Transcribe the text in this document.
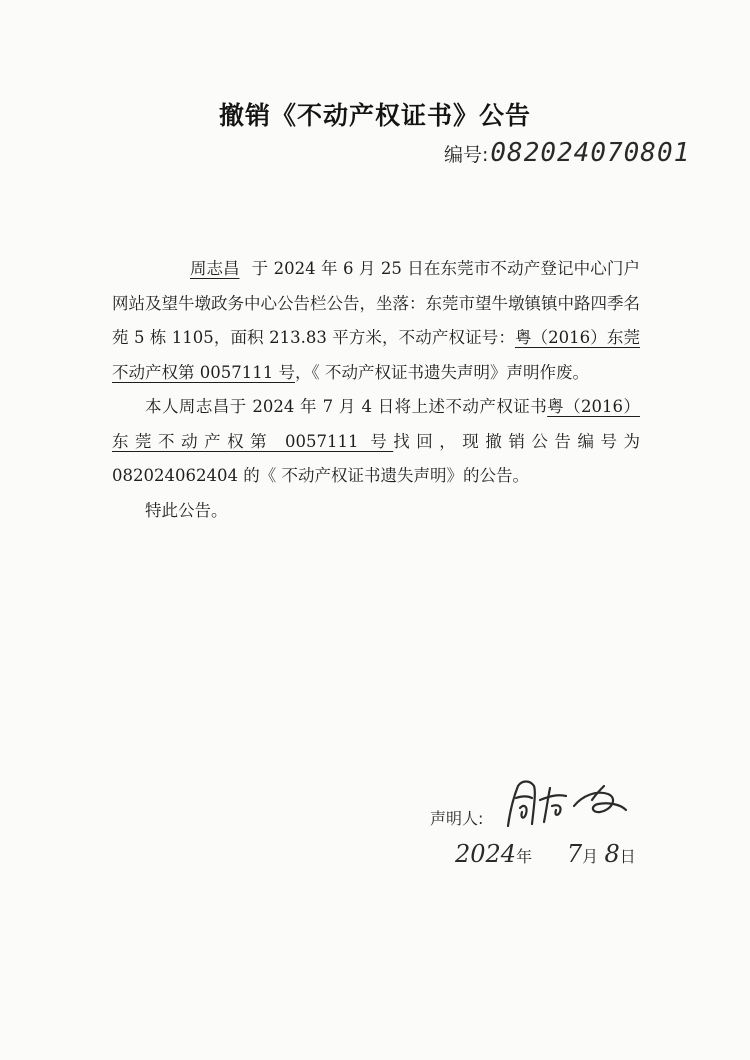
撤销《不动产权证书》公告
编号:082024070801

周志昌 于 2024 年 6 月 25 日在东莞市不动产登记中心门户网站及望牛墩政务中心公告栏公告，坐落：东莞市望牛墩镇镇中路四季名苑 5 栋 1105，面积 213.83 平方米，不动产权证号：粤（2016）东莞不动产权第 0057111 号，《 不动产权证书遗失声明》声明作废。

本人周志昌于 2024 年 7 月 4 日将上述不动产权证书粤（2016）东莞不动产权第 0057111 号找回，现撤销公告编号为 082024062404 的《 不动产权证书遗失声明》的公告。

特此公告。

声明人:
2024年 7月 8日
